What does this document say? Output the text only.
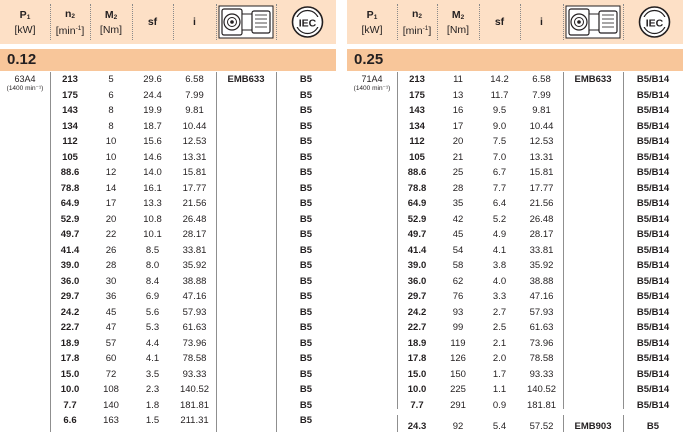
P1
[kW]
n2
$[\min^{-1}]$
M2
[Nm]
sf	i	IEC
0.12
63A4
(1400 min⁻¹)
213	5	29.6	6.58	EMB633	B5
175	6	24.4	7.99	B5
143	8	19.9	9.81	B5
134	8	18.7	10.44	B5
112	10	15.6	12.53	B5
105	10	14.6	13.31	B5
88.6	12	14.0	15.81	B5
78.8	14	16.1	17.77	B5
64.9	17	13.3	21.56	B5
52.9	20	10.8	26.48	B5
49.7	22	10.1	28.17	B5
41.4	26	8.5	33.81	B5
39.0	28	8.0	35.92	B5
36.0	30	8.4	38.88	B5
29.7	36	6.9	47.16	B5
24.2	45	5.6	57.93	B5
22.7	47	5.3	61.63	B5
18.9	57	4.4	73.96	B5
17.8	60	4.1	78.58	B5
15.0	72	3.5	93.33	B5
10.0	108	2.3	140.52	B5
7.7	140	1.8	181.81	B5
6.6	163	1.5	211.31	B5
P1
[kW]
n2
$[\min^{-1}]$
M2
[Nm]
sf	i	IEC
0.25
71A4
(1400 min⁻¹)
213	11	14.2	6.58	EMB633	B5/B14
175	13	11.7	7.99	B5/B14
143	16	9.5	9.81	B5/B14
134	17	9.0	10.44	B5/B14
112	20	7.5	12.53	B5/B14
105	21	7.0	13.31	B5/B14
88.6	25	6.7	15.81	B5/B14
78.8	28	7.7	17.77	B5/B14
64.9	35	6.4	21.56	B5/B14
52.9	42	5.2	26.48	B5/B14
49.7	45	4.9	28.17	B5/B14
41.4	54	4.1	33.81	B5/B14
39.0	58	3.8	35.92	B5/B14
36.0	62	4.0	38.88	B5/B14
29.7	76	3.3	47.16	B5/B14
24.2	93	2.7	57.93	B5/B14
22.7	99	2.5	61.63	B5/B14
18.9	119	2.1	73.96	B5/B14
17.8	126	2.0	78.58	B5/B14
15.0	150	1.7	93.33	B5/B14
10.0	225	1.1	140.52	B5/B14
7.7	291	0.9	181.81	B5/B14
24.3	92	5.4	57.52	EMB903	B5
